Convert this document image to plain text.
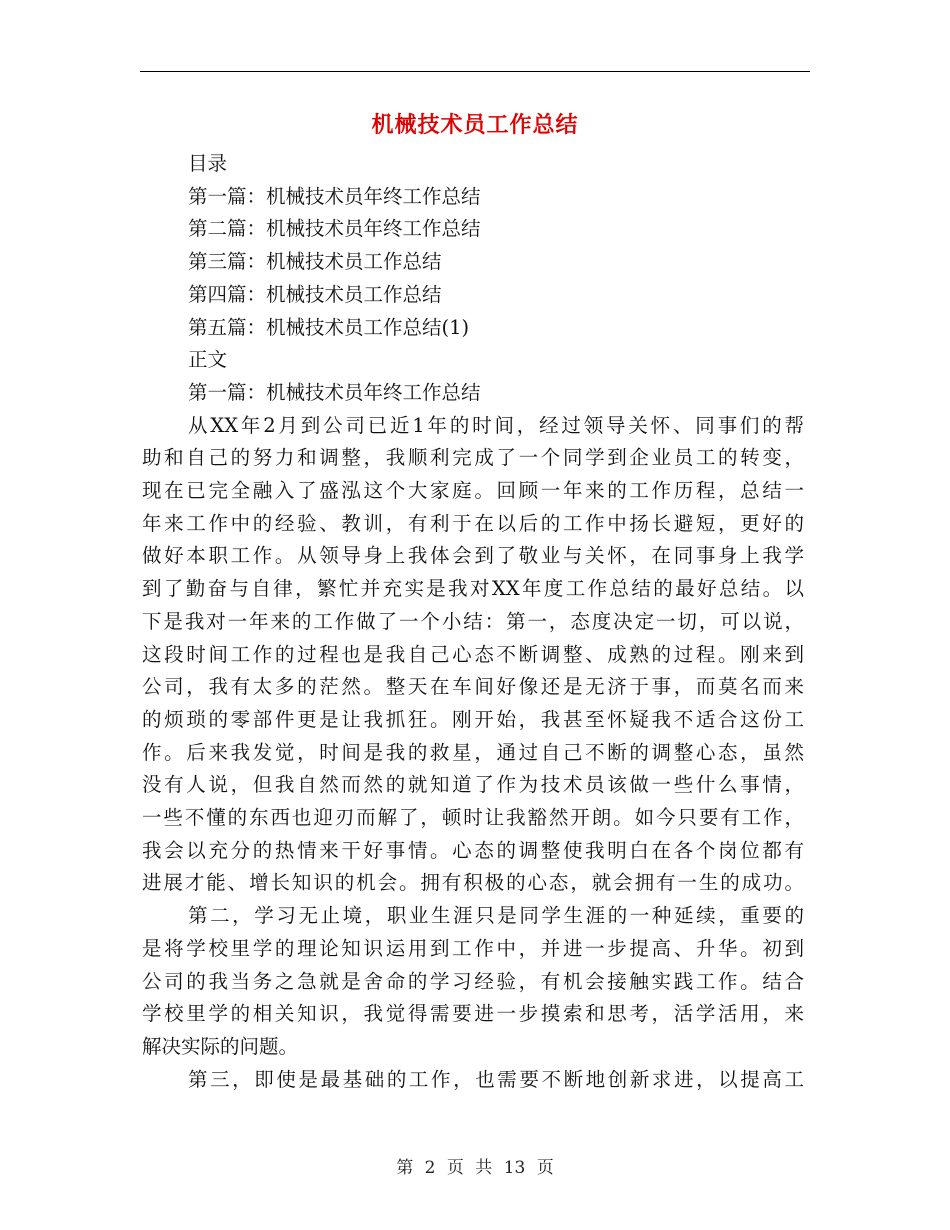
机械技术员工作总结
目录
第一篇：机械技术员年终工作总结
第二篇：机械技术员年终工作总结
第三篇：机械技术员工作总结
第四篇：机械技术员工作总结
第五篇：机械技术员工作总结(1)
正文
第一篇：机械技术员年终工作总结
从XX年2月到公司已近1年的时间，经过领导关怀、同事们的帮
助和自己的努力和调整，我顺利完成了一个同学到企业员工的转变，
现在已完全融入了盛泓这个大家庭。回顾一年来的工作历程，总结一
年来工作中的经验、教训，有利于在以后的工作中扬长避短，更好的
做好本职工作。从领导身上我体会到了敬业与关怀，在同事身上我学
到了勤奋与自律，繁忙并充实是我对XX年度工作总结的最好总结。以
下是我对一年来的工作做了一个小结：第一，态度决定一切，可以说，
这段时间工作的过程也是我自己心态不断调整、成熟的过程。刚来到
公司，我有太多的茫然。整天在车间好像还是无济于事，而莫名而来
的烦琐的零部件更是让我抓狂。刚开始，我甚至怀疑我不适合这份工
作。后来我发觉，时间是我的救星，通过自己不断的调整心态，虽然
没有人说，但我自然而然的就知道了作为技术员该做一些什么事情，
一些不懂的东西也迎刃而解了，顿时让我豁然开朗。如今只要有工作，
我会以充分的热情来干好事情。心态的调整使我明白在各个岗位都有
进展才能、增长知识的机会。拥有积极的心态，就会拥有一生的成功。
第二，学习无止境，职业生涯只是同学生涯的一种延续，重要的
是将学校里学的理论知识运用到工作中，并进一步提高、升华。初到
公司的我当务之急就是舍命的学习经验，有机会接触实践工作。结合
学校里学的相关知识，我觉得需要进一步摸索和思考，活学活用，来
解决实际的问题。
第三，即使是最基础的工作，也需要不断地创新求进，以提高工
第 2 页 共 13 页
